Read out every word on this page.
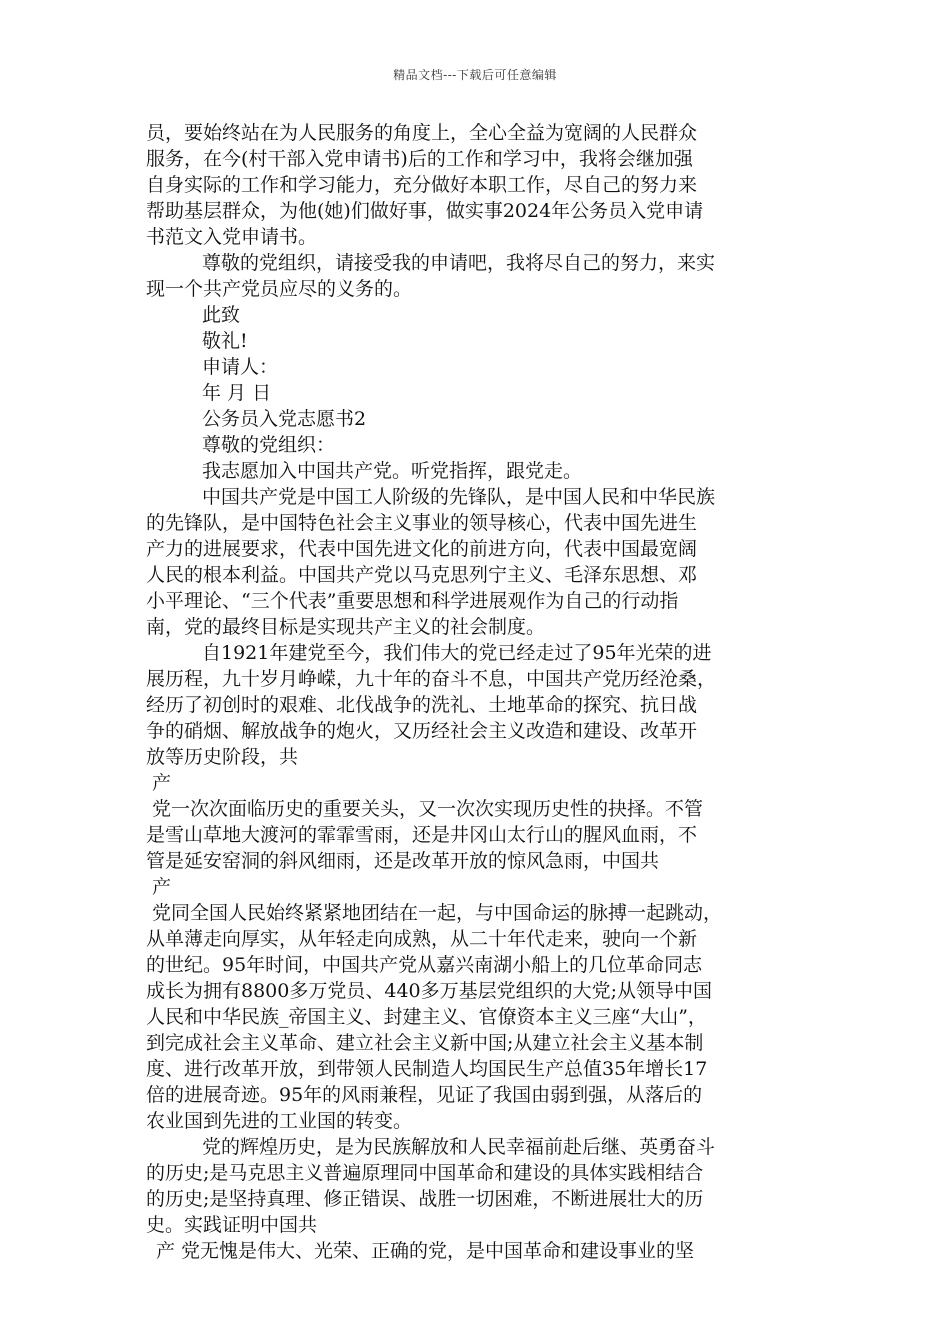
精品文档---下载后可任意编辑
员，要始终站在为人民服务的角度上，全心全益为宽阔的人民群众
服务，在今(村干部入党申请书)后的工作和学习中，我将会继加强
自身实际的工作和学习能力，充分做好本职工作，尽自己的努力来
帮助基层群众，为他(她)们做好事，做实事2024年公务员入党申请
书范文入党申请书。
尊敬的党组织，请接受我的申请吧，我将尽自己的努力，来实
现一个共产党员应尽的义务的。
此致
敬礼!
申请人：
年 月 日
公务员入党志愿书2
尊敬的党组织：
我志愿加入中国共产党。听党指挥，跟党走。
中国共产党是中国工人阶级的先锋队，是中国人民和中华民族
的先锋队，是中国特色社会主义事业的领导核心，代表中国先进生
产力的进展要求，代表中国先进文化的前进方向，代表中国最宽阔
人民的根本利益。中国共产党以马克思列宁主义、毛泽东思想、邓
小平理论、“三个代表”重要思想和科学进展观作为自己的行动指
南，党的最终目标是实现共产主义的社会制度。
自1921年建党至今，我们伟大的党已经走过了95年光荣的进
展历程，九十岁月峥嵘，九十年的奋斗不息，中国共产党历经沧桑，
经历了初创时的艰难、北伐战争的洗礼、土地革命的探究、抗日战
争的硝烟、解放战争的炮火，又历经社会主义改造和建设、改革开
放等历史阶段，共
产
党一次次面临历史的重要关头，又一次次实现历史性的抉择。不管
是雪山草地大渡河的霏霏雪雨，还是井冈山太行山的腥风血雨，不
管是延安窑洞的斜风细雨，还是改革开放的惊风急雨，中国共
产
党同全国人民始终紧紧地团结在一起，与中国命运的脉搏一起跳动，
从单薄走向厚实，从年轻走向成熟，从二十年代走来，驶向一个新
的世纪。95年时间，中国共产党从嘉兴南湖小船上的几位革命同志
成长为拥有8800多万党员、440多万基层党组织的大党;从领导中国
人民和中华民族_帝国主义、封建主义、官僚资本主义三座“大山”，
到完成社会主义革命、建立社会主义新中国;从建立社会主义基本制
度、进行改革开放，到带领人民制造人均国民生产总值35年增长17
倍的进展奇迹。95年的风雨兼程，见证了我国由弱到强，从落后的
农业国到先进的工业国的转变。
党的辉煌历史，是为民族解放和人民幸福前赴后继、英勇奋斗
的历史;是马克思主义普遍原理同中国革命和建设的具体实践相结合
的历史;是坚持真理、修正错误、战胜一切困难，不断进展壮大的历
史。实践证明中国共
产 党无愧是伟大、光荣、正确的党，是中国革命和建设事业的坚
